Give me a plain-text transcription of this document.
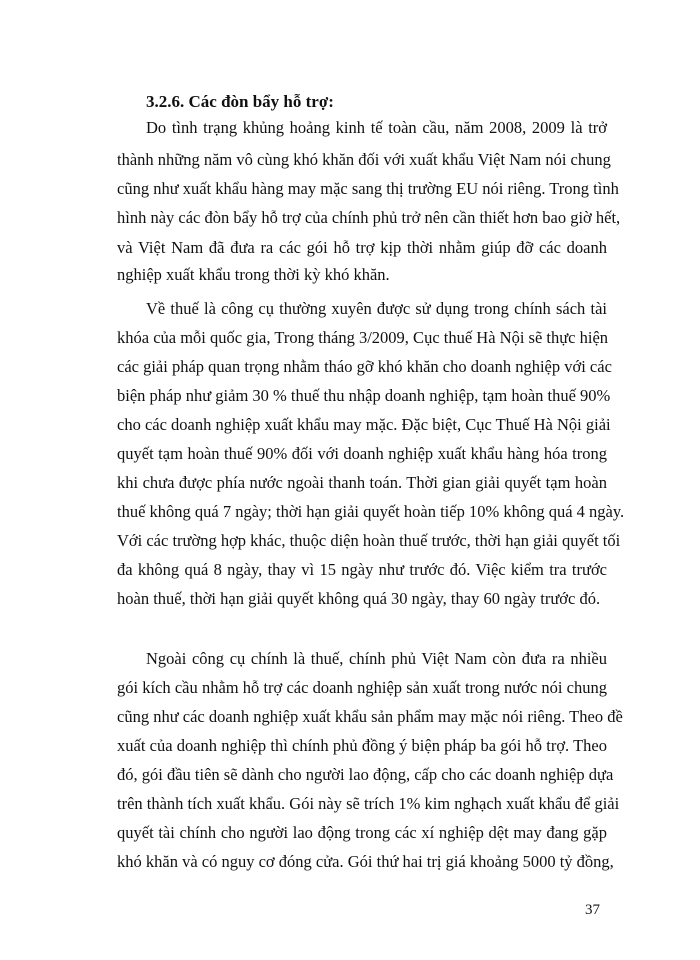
3.2.6. Các đòn bẩy hỗ trợ:

Do tình trạng khủng hoảng kinh tế toàn cầu, năm 2008, 2009 là trở

thành những năm vô cùng khó khăn đối với xuất khẩu Việt Nam nói chung

cũng như xuất khẩu hàng may mặc sang thị trường EU nói riêng. Trong tình

hình này các đòn bẩy hỗ trợ của chính phủ trở nên cần thiết hơn bao giờ hết,

và Việt Nam đã đưa ra các gói hỗ trợ kịp thời nhằm giúp đỡ các doanh

nghiệp xuất khẩu trong thời kỳ khó khăn.

Về thuế là công cụ thường xuyên được sử dụng trong chính sách tài

khóa của mỗi quốc gia, Trong tháng 3/2009, Cục thuế Hà Nội sẽ thực hiện

các giải pháp quan trọng nhằm tháo gỡ khó khăn cho doanh nghiệp với các

biện pháp như giảm 30 % thuế thu nhập doanh nghiệp, tạm hoàn thuế 90%

cho các doanh nghiệp xuất khẩu may mặc. Đặc biệt, Cục Thuế Hà Nội giải

quyết tạm hoàn thuế 90% đối với doanh nghiệp xuất khẩu hàng hóa trong

khi chưa được phía nước ngoài thanh toán. Thời gian giải quyết tạm hoàn

thuế không quá 7 ngày; thời hạn giải quyết hoàn tiếp 10% không quá 4 ngày.

Với các trường hợp khác, thuộc diện hoàn thuế trước, thời hạn giải quyết tối

đa không quá 8 ngày, thay vì 15 ngày như trước đó. Việc kiểm tra trước

hoàn thuế, thời hạn giải quyết không quá 30 ngày, thay 60 ngày trước đó.

Ngoài công cụ chính là thuế, chính phủ Việt Nam còn đưa ra nhiều

gói kích cầu nhằm hỗ trợ các doanh nghiệp sản xuất trong nước nói chung

cũng như các doanh nghiệp xuất khẩu sản phẩm may mặc nói riêng. Theo đề

xuất của doanh nghiệp thì chính phủ đồng ý biện pháp ba gói hỗ trợ. Theo

đó, gói đầu tiên sẽ dành cho người lao động, cấp cho các doanh nghiệp dựa

trên thành tích xuất khẩu. Gói này sẽ trích 1% kim nghạch xuất khẩu để giải

quyết tài chính cho người lao động trong các xí nghiệp dệt may đang gặp

khó khăn và có nguy cơ đóng cửa. Gói thứ hai trị giá khoảng 5000 tỷ đồng,

37
